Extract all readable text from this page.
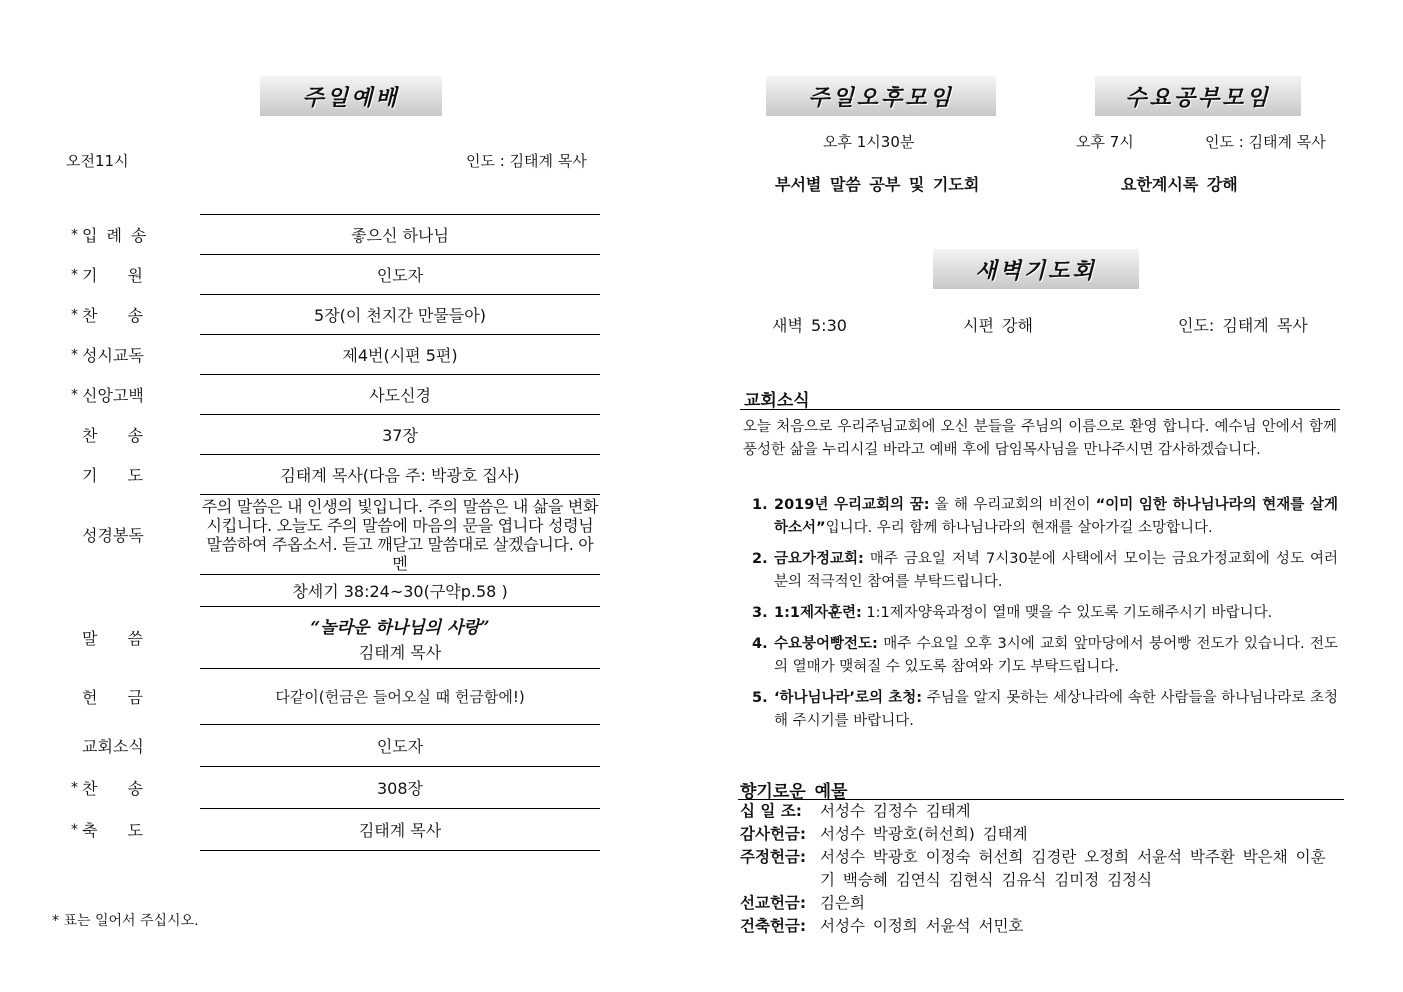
주일예배
오전11시	인도 : 김태계 목사
* 입례송	좋으신 하나님

* 기원	인도자

* 찬송	5장(이 천지간 만물들아)

* 성시교독	제4번(시편 5편)

* 신앙고백	사도신경

찬송	37장

기도	김태계 목사(다음 주: 박광호 집사)

성경봉독	주의 말씀은 내 인생의 빛입니다. 주의 말씀은 내 삶을 변화시킵니다. 오늘도 주의 말씀에 마음의 문을 엽니다 성령님 말씀하여 주옵소서. 듣고 깨닫고 말씀대로 살겠습니다. 아멘

	창세기 38:24~30(구약p.58 )

말씀	“놀라운 하나님의 사랑”
김태계 목사

헌금	다같이(헌금은 들어오실 때 헌금함에!)

교회소식	인도자

* 찬송	308장

* 축도	김태계 목사
* 표는 일어서 주십시오.
주일오후모임	수요공부모임
오후 1시30분
부서별 말씀 공부 및 기도회
오후 7시	인도 : 김태계 목사
요한계시록 강해
새벽기도회
새벽 5:30	시편 강해	인도: 김태계 목사
교회소식
오늘 처음으로 우리주님교회에 오신 분들을 주님의 이름으로 환영 합니다. 예수님 안에서 함께 풍성한 삶을 누리시길 바라고 예배 후에 담임목사님을 만나주시면 감사하겠습니다.
1. 2019년 우리교회의 꿈: 올 해 우리교회의 비전이 “이미 임한 하나님나라의 현재를 살게 하소서”입니다. 우리 함께 하나님나라의 현재를 살아가길 소망합니다.
2. 금요가정교회: 매주 금요일 저녁 7시30분에 사택에서 모이는 금요가정교회에 성도 여러분의 적극적인 참여를 부탁드립니다.
3. 1:1제자훈련: 1:1제자양육과정이 열매 맺을 수 있도록 기도해주시기 바랍니다.
4. 수요붕어빵전도: 매주 수요일 오후 3시에 교회 앞마당에서 붕어빵 전도가 있습니다. 전도의 열매가 맺혀질 수 있도록 참여와 기도 부탁드립니다.
5. ‘하나님나라’로의 초청: 주님을 알지 못하는 세상나라에 속한 사람들을 하나님나라로 초청해 주시기를 바랍니다.
향기로운 예물
십 일 조:	서성수 김정수 김태계
감사헌금: 서성수 박광호(허선희) 김태계
주정헌금: 서성수 박광호 이정숙 허선희 김경란 오정희 서윤석 박주환 박은채 이훈기 백승혜 김연식 김현식 김유식 김미정 김정식
선교헌금: 김은희
건축헌금: 서성수 이정희 서윤석 서민호
